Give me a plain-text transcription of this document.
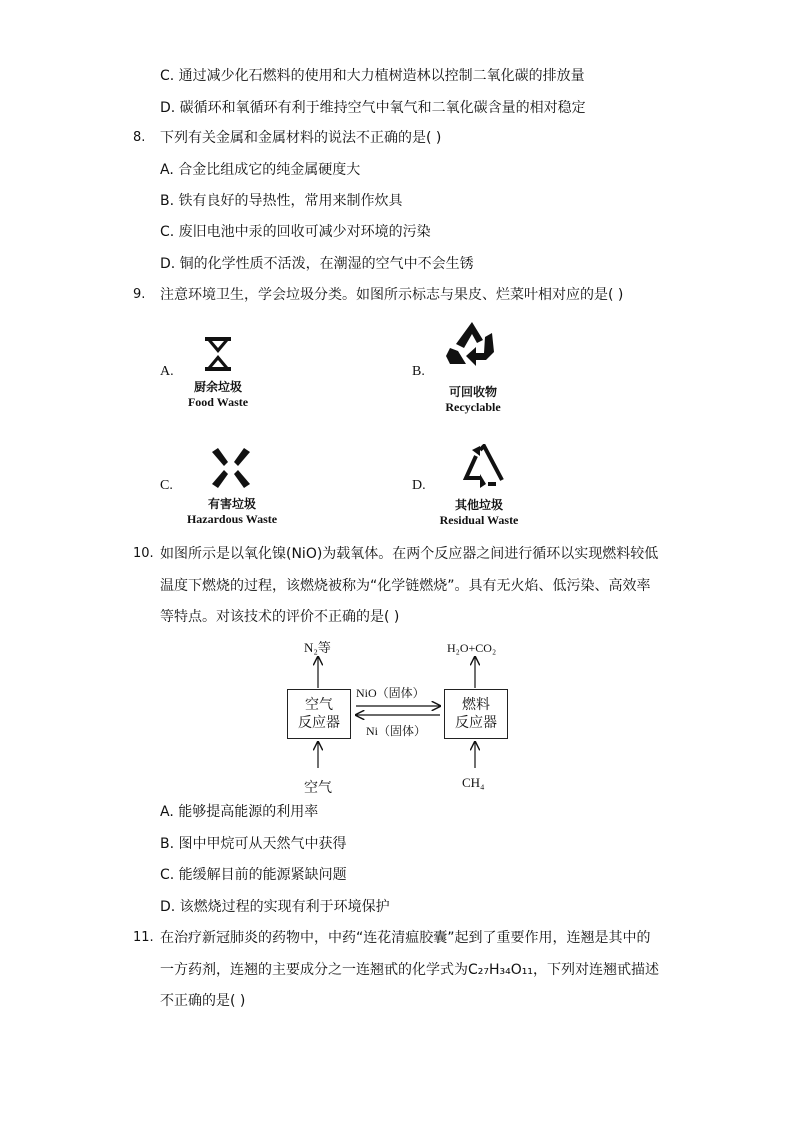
C. 通过减少化石燃料的使用和大力植树造林以控制二氧化碳的排放量
D. 碳循环和氧循环有利于维持空气中氧气和二氧化碳含量的相对稳定
8. 下列有关金属和金属材料的说法不正确的是( )
A. 合金比组成它的纯金属硬度大
B. 铁有良好的导热性，常用来制作炊具
C. 废旧电池中汞的回收可减少对环境的污染
D. 铜的化学性质不活泼，在潮湿的空气中不会生锈
9. 注意环境卫生，学会垃圾分类。如图所示标志与果皮、烂菜叶相对应的是( )
A.
厨余垃圾
Food Waste
B.
可回收物
Recyclable
C.
有害垃圾
Hazardous Waste
D.
其他垃圾
Residual Waste
10. 如图所示是以氧化镍(NiO)为载氧体。在两个反应器之间进行循环以实现燃料较低
温度下燃烧的过程，该燃烧被称为“化学链燃烧”。具有无火焰、低污染、高效率
等特点。对该技术的评价不正确的是( )
N₂等	H₂O+CO₂
空气
反应器
燃料
反应器
NiO（固体）
Ni（固体）
空气	CH₄
A. 能够提高能源的利用率
B. 图中甲烷可从天然气中获得
C. 能缓解目前的能源紧缺问题
D. 该燃烧过程的实现有利于环境保护
11. 在治疗新冠肺炎的药物中，中药“连花清瘟胶囊”起到了重要作用，连翘是其中的
一方药剂，连翘的主要成分之一连翘甙的化学式为C₂₇H₃₄O₁₁，下列对连翘甙描述
不正确的是( )
